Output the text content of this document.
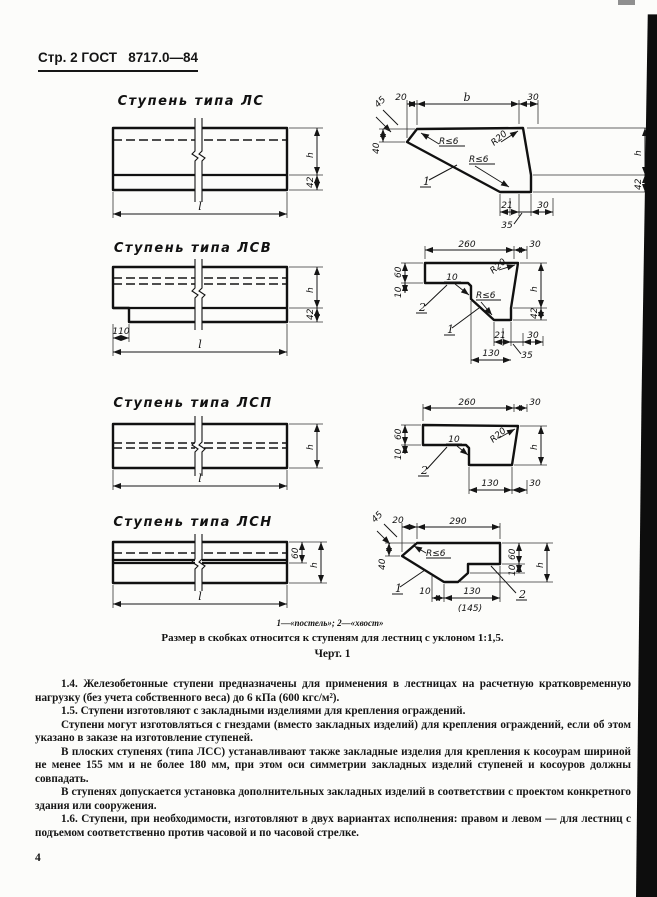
Стр. 2 ГОСТ   8717.0—84
Ступень типа ЛС
h
42
l
20	b	30
45
40
R≤6	R20
R≤6
1
h
42
21	30
35
Ступень типа ЛСВ
h
42
110
l
260	30
60
10
10
R20
R≤6
h
42
21 30
130 35
1
2
Ступень типа ЛСП
h
l
260	30
60
10
10	R20
h
130	30
2
Ступень типа ЛСН
60
h
l
45 20	290
40
R≤6	60
10 h
10	130
(145)
1	2
1—«постель»; 2—«хвост»
Размер в скобках относится к ступеням для лестниц с уклоном 1:1,5.
Черт. 1

1.4. Железобетонные ступени предназначены для применения в лестницах на расчетную кратковременную нагрузку (без учета собственного веса) до 6 кПа (600 кгс/м²).

1.5. Ступени изготовляют с закладными изделиями для крепления ограждений.

Ступени могут изготовляться с гнездами (вместо закладных изделий) для крепления ограждений, если об этом указано в заказе на изготовление ступеней.

В плоских ступенях (типа ЛСС) устанавливают также закладные изделия для крепления к косоурам шириной не менее 155 мм и не более 180 мм, при этом оси симметрии закладных изделий ступеней и косоуров должны совпадать.

В ступенях допускается установка дополнительных закладных изделий в соответствии с проектом конкретного здания или сооружения.

1.6. Ступени, при необходимости, изготовляют в двух вариантах исполнения: правом и левом — для лестниц с подъемом соответственно против часовой и по часовой стрелке.

4
